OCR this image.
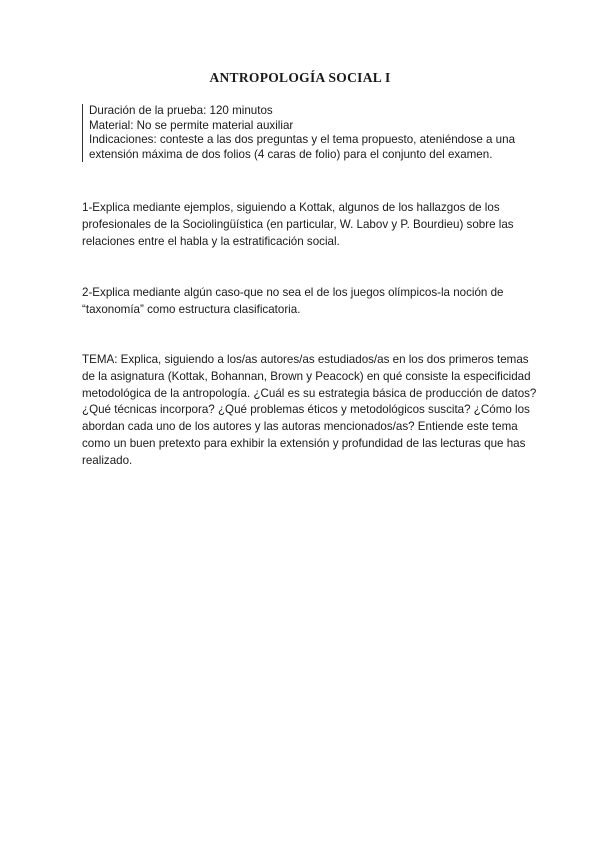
ANTROPOLOGÍA SOCIAL I
Duración de la prueba: 120 minutos
Material: No se permite material auxiliar
Indicaciones: conteste a las dos preguntas y el tema propuesto, ateniéndose a una
extensión máxima de dos folios (4 caras de folio) para el conjunto del examen.
1-Explica mediante ejemplos, siguiendo a Kottak, algunos de los hallazgos de los
profesionales de la Sociolingüística (en particular, W. Labov y P. Bourdieu) sobre las
relaciones entre el habla y la estratificación social.
2-Explica mediante algún caso-que no sea el de los juegos olímpicos-la noción de
“taxonomía” como estructura clasificatoria.
TEMA: Explica, siguiendo a los/as autores/as estudiados/as en los dos primeros temas
de la asignatura (Kottak, Bohannan, Brown y Peacock) en qué consiste la especificidad
metodológica de la antropología. ¿Cuál es su estrategia básica de producción de datos?
¿Qué técnicas incorpora? ¿Qué problemas éticos y metodológicos suscita? ¿Cómo los
abordan cada uno de los autores y las autoras mencionados/as? Entiende este tema
como un buen pretexto para exhibir la extensión y profundidad de las lecturas que has
realizado.
